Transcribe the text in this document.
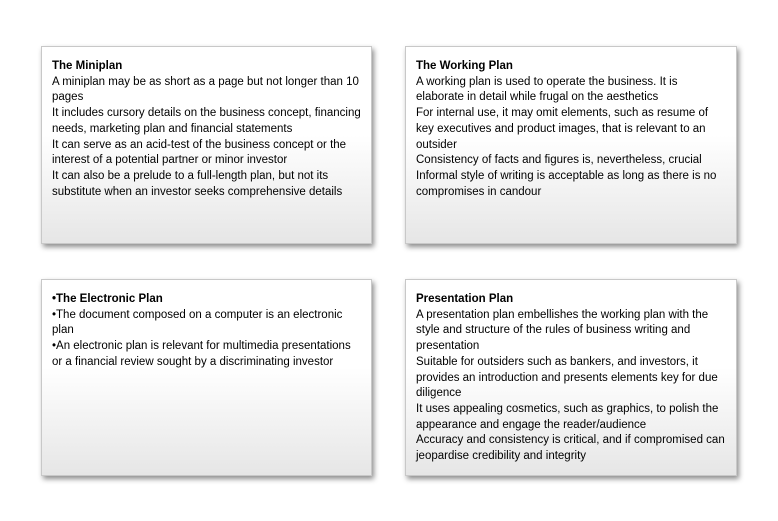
The Miniplan

A miniplan may be as short as a page but not longer than 10 pages

It includes cursory details on the business concept, financing needs, marketing plan and financial statements

It can serve as an acid-test of the business concept or the interest of a potential partner or minor investor

It can also be a prelude to a full-length plan, but not its substitute when an investor seeks comprehensive details

The Working Plan

A working plan is used to operate the business. It is elaborate in detail while frugal on the aesthetics

For internal use, it may omit elements, such as resume of key executives and product images, that is relevant to an outsider

Consistency of facts and figures is, nevertheless, crucial

Informal style of writing is acceptable as long as there is no compromises in candour

•The Electronic Plan

•The document composed on a computer is an electronic plan

•An electronic plan is relevant for multimedia presentations or a financial review sought by a discriminating investor

Presentation Plan

A presentation plan embellishes the working plan with the style and structure of the rules of business writing and presentation

Suitable for outsiders such as bankers, and investors, it provides an introduction and presents elements key for due diligence

It uses appealing cosmetics, such as graphics, to polish the appearance and engage the reader/audience

Accuracy and consistency is critical, and if compromised can jeopardise credibility and integrity
